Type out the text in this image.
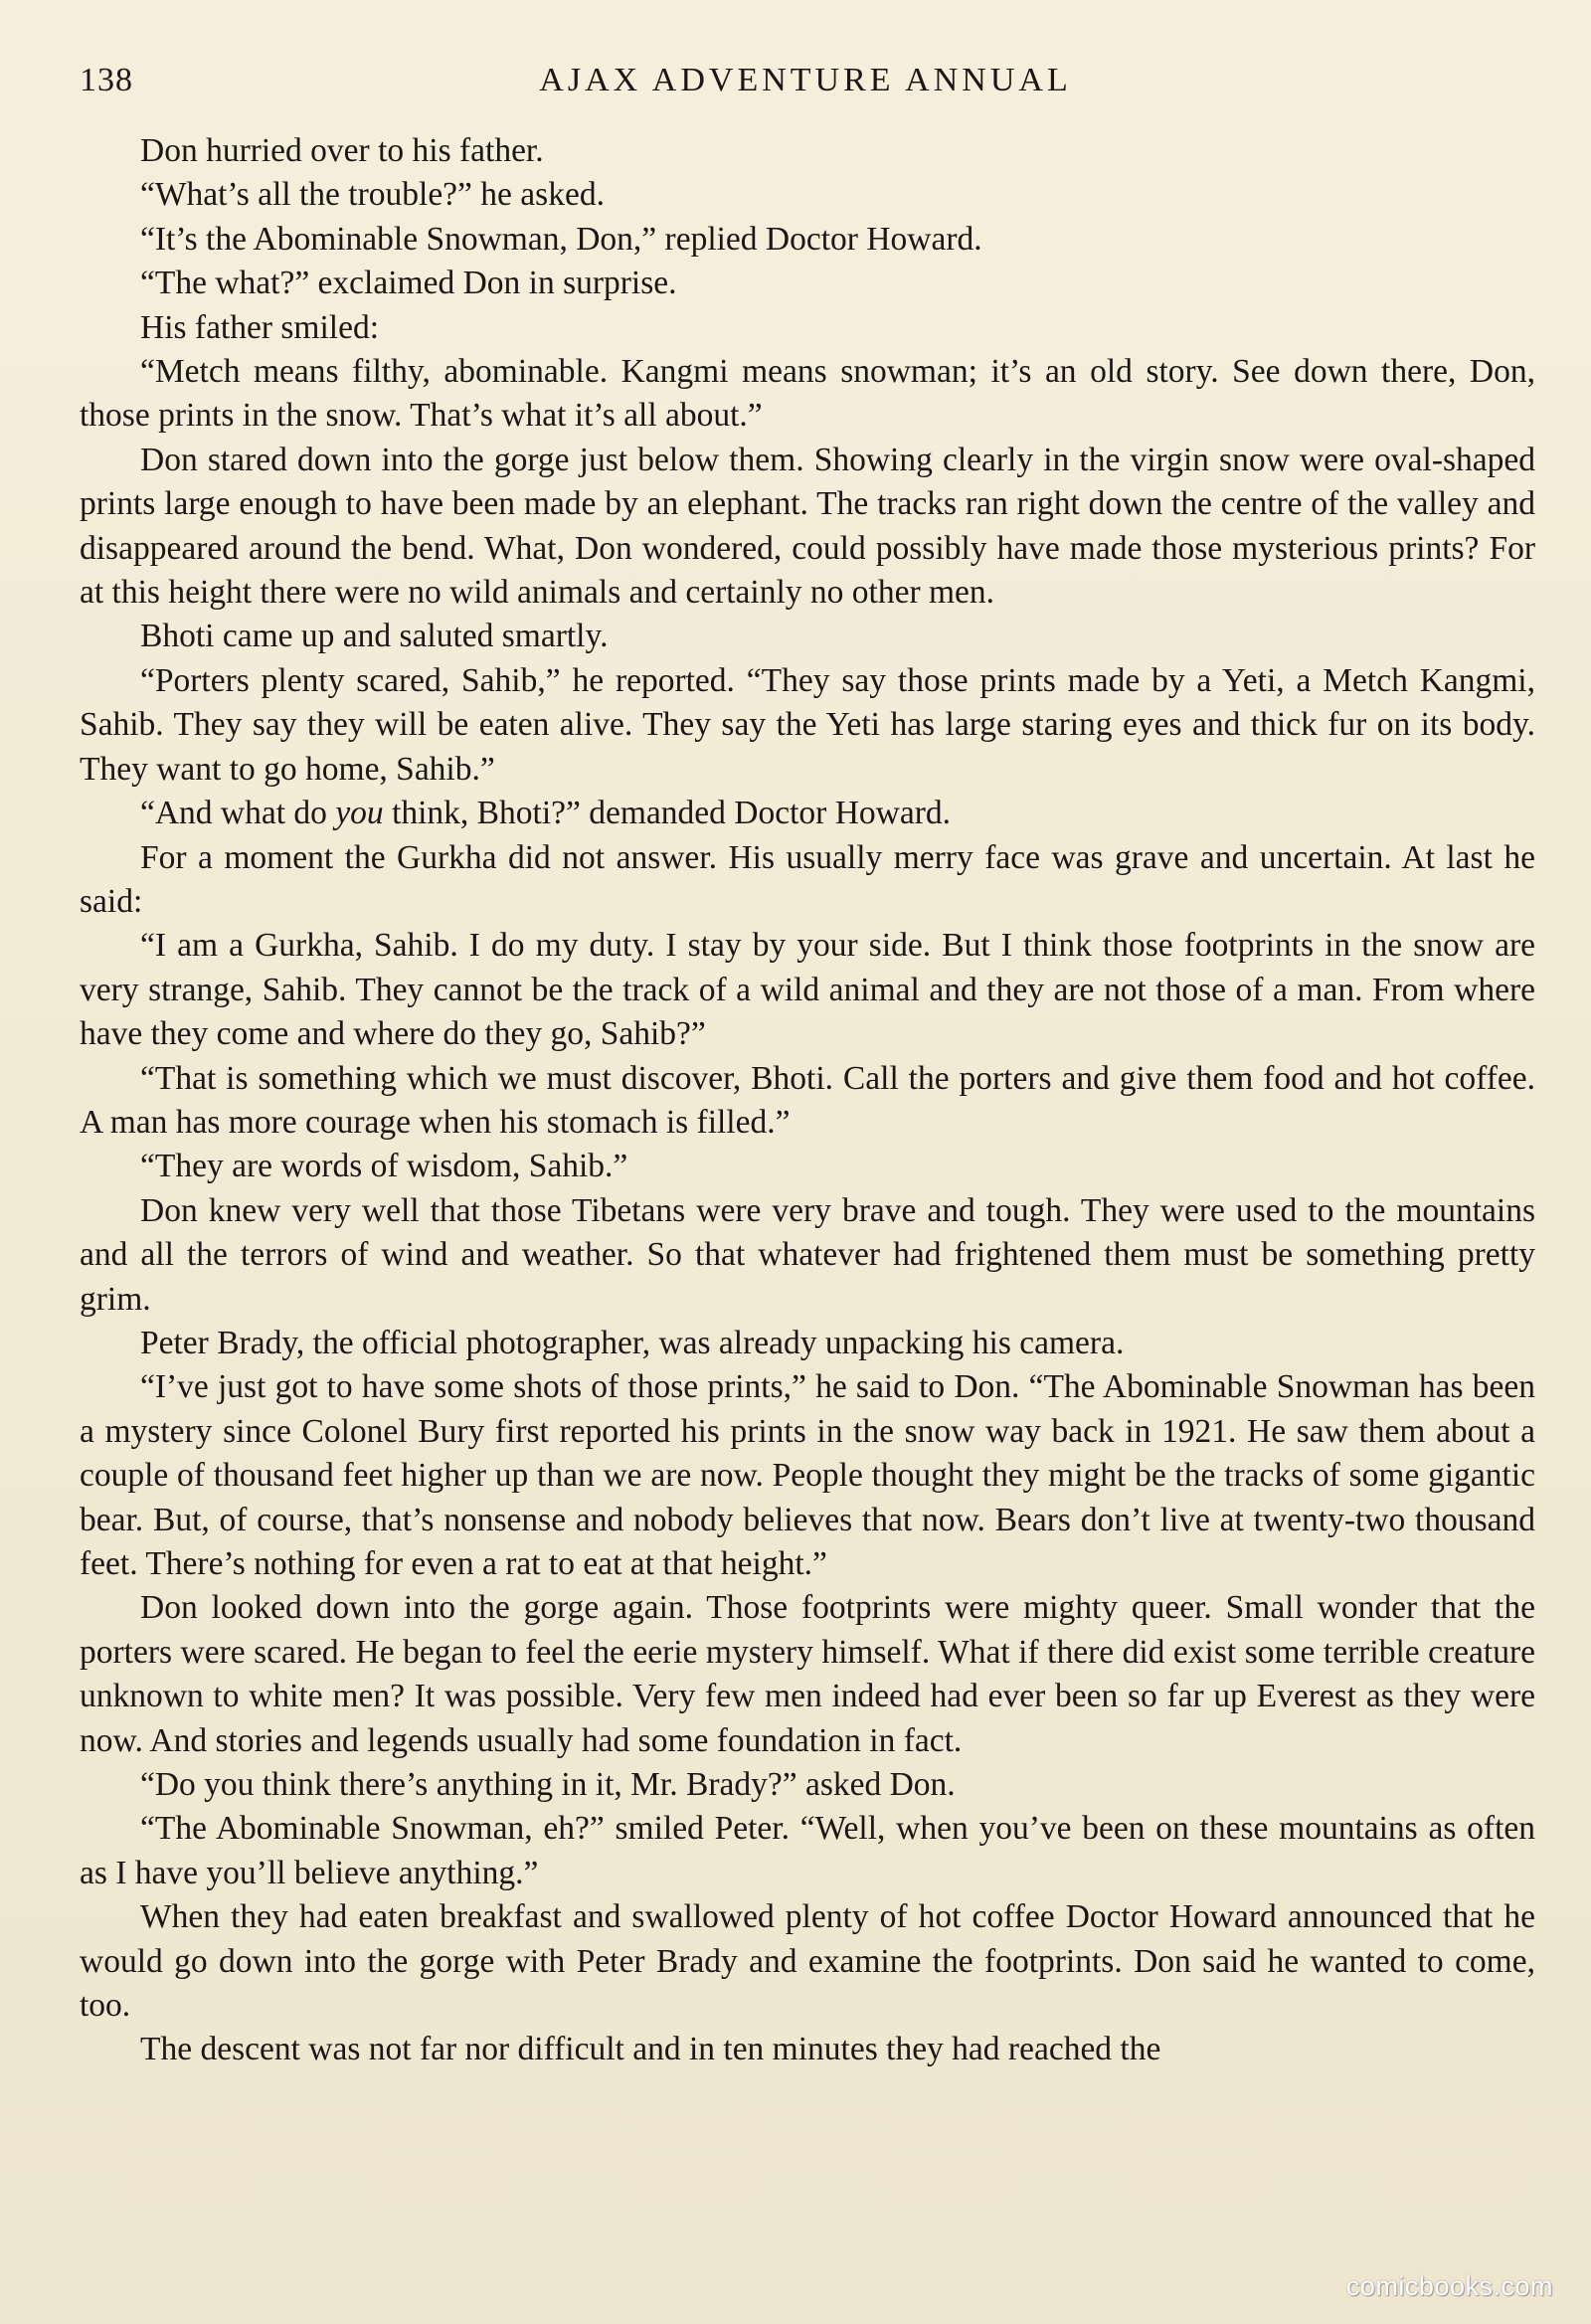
138	AJAX ADVENTURE ANNUAL

Don hurried over to his father.

“What’s all the trouble?” he asked.

“It’s the Abominable Snowman, Don,” replied Doctor Howard.

“The what?” exclaimed Don in surprise.

His father smiled:

“Metch means filthy, abominable. Kangmi means snowman; it’s an old story. See down there, Don, those prints in the snow. That’s what it’s all about.”

Don stared down into the gorge just below them. Showing clearly in the virgin snow were oval-shaped prints large enough to have been made by an elephant. The tracks ran right down the centre of the valley and disappeared around the bend. What, Don wondered, could possibly have made those mysterious prints? For at this height there were no wild animals and certainly no other men.

Bhoti came up and saluted smartly.

“Porters plenty scared, Sahib,” he reported. “They say those prints made by a Yeti, a Metch Kangmi, Sahib. They say they will be eaten alive. They say the Yeti has large staring eyes and thick fur on its body. They want to go home, Sahib.”

“And what do you think, Bhoti?” demanded Doctor Howard.

For a moment the Gurkha did not answer. His usually merry face was grave and uncertain. At last he said:

“I am a Gurkha, Sahib. I do my duty. I stay by your side. But I think those footprints in the snow are very strange, Sahib. They cannot be the track of a wild animal and they are not those of a man. From where have they come and where do they go, Sahib?”

“That is something which we must discover, Bhoti. Call the porters and give them food and hot coffee. A man has more courage when his stomach is filled.”

“They are words of wisdom, Sahib.”

Don knew very well that those Tibetans were very brave and tough. They were used to the mountains and all the terrors of wind and weather. So that whatever had frightened them must be something pretty grim.

Peter Brady, the official photographer, was already unpacking his camera.

“I’ve just got to have some shots of those prints,” he said to Don. “The Abominable Snowman has been a mystery since Colonel Bury first reported his prints in the snow way back in 1921. He saw them about a couple of thousand feet higher up than we are now. People thought they might be the tracks of some gigantic bear. But, of course, that’s nonsense and nobody believes that now. Bears don’t live at twenty-two thousand feet. There’s nothing for even a rat to eat at that height.”

Don looked down into the gorge again. Those footprints were mighty queer. Small wonder that the porters were scared. He began to feel the eerie mystery himself. What if there did exist some terrible creature unknown to white men? It was possible. Very few men indeed had ever been so far up Everest as they were now. And stories and legends usually had some foundation in fact.

“Do you think there’s anything in it, Mr. Brady?” asked Don.

“The Abominable Snowman, eh?” smiled Peter. “Well, when you’ve been on these mountains as often as I have you’ll believe anything.”

When they had eaten breakfast and swallowed plenty of hot coffee Doctor Howard announced that he would go down into the gorge with Peter Brady and examine the footprints. Don said he wanted to come, too.

The descent was not far nor difficult and in ten minutes they had reached the

comicbooks.com
